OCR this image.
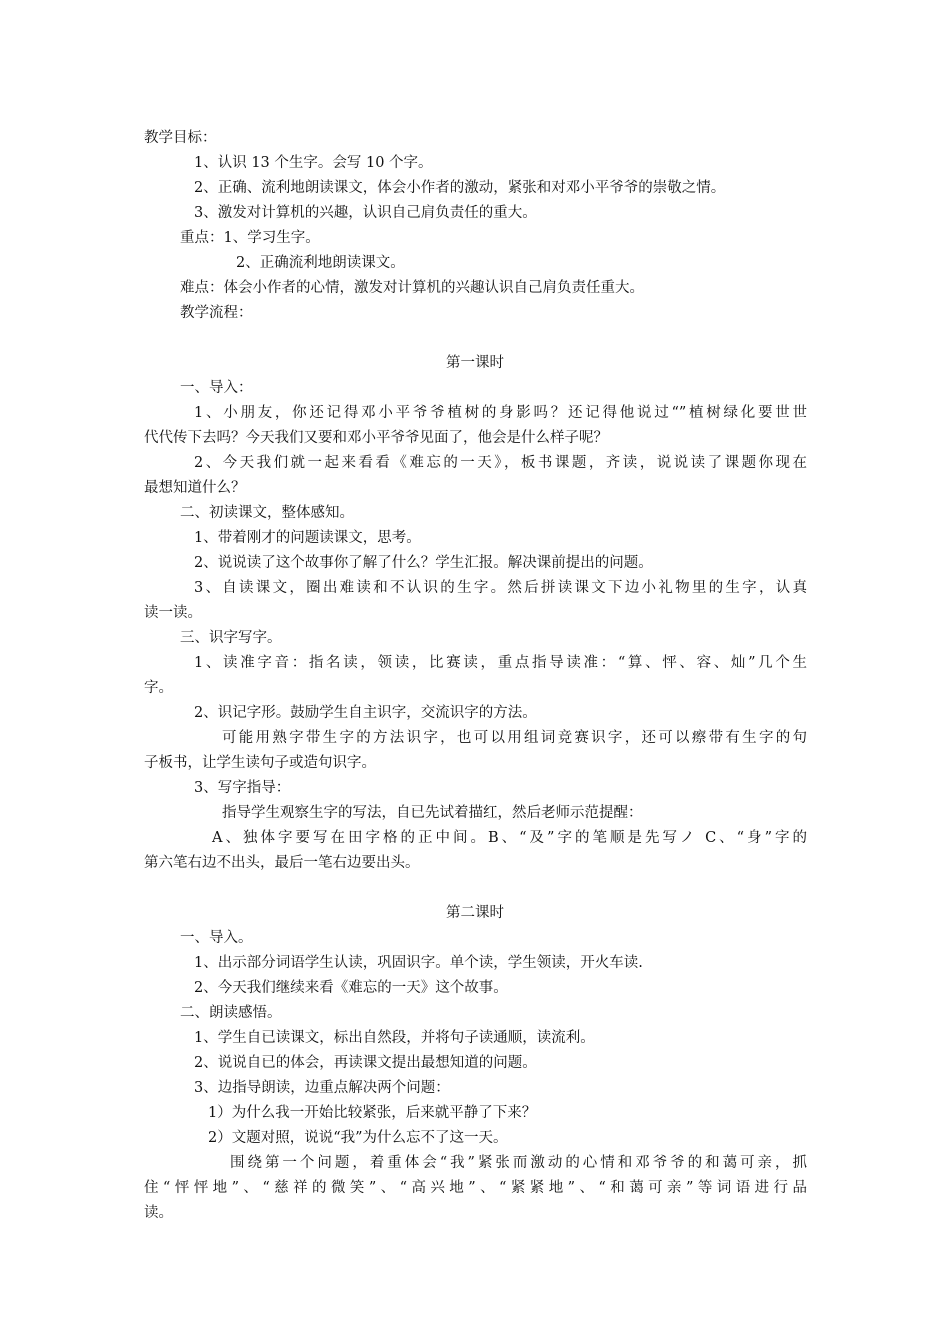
教学目标：
1、认识 13 个生字。会写 10 个字。
2、正确、流利地朗读课文，体会小作者的激动，紧张和对邓小平爷爷的崇敬之情。
3、激发对计算机的兴趣，认识自己肩负责任的重大。
重点：1、学习生字。
2、正确流利地朗读课文。
难点：体会小作者的心情，激发对计算机的兴趣认识自己肩负责任重大。
教学流程：
第一课时
一、导入：
1、小朋友，你还记得邓小平爷爷植树的身影吗？还记得他说过“”植树绿化要世世
代代传下去吗？今天我们又要和邓小平爷爷见面了，他会是什么样子呢？
2、今天我们就一起来看看《难忘的一天》，板书课题，齐读，说说读了课题你现在
最想知道什么？
二、初读课文，整体感知。
1、带着刚才的问题读课文，思考。
2、说说读了这个故事你了解了什么？学生汇报。解决课前提出的问题。
3、自读课文，圈出难读和不认识的生字。然后拼读课文下边小礼物里的生字，认真
读一读。
三、识字写字。
1、读准字音：指名读，领读，比赛读，重点指导读准：“算、怦、容、灿”几个生
字。
2、识记字形。鼓励学生自主识字，交流识字的方法。
可能用熟字带生字的方法识字，也可以用组词竞赛识字，还可以瘵带有生字的句
子板书，让学生读句子或造句识字。
3、写字指导：
指导学生观察生字的写法，自已先试着描红，然后老师示范提醒：
A、独体字要写在田字格的正中间。B、“及”字的笔顺是先写ノ C、“身”字的
第六笔右边不出头，最后一笔右边要出头。
第二课时
一、导入。
1、出示部分词语学生认读，巩固识字。单个读，学生领读，开火车读.
2、今天我们继续来看《难忘的一天》这个故事。
二、朗读感悟。
1、学生自已读课文，标出自然段，并将句子读通顺，读流利。
2、说说自已的体会，再读课文提出最想知道的问题。
3、边指导朗读，边重点解决两个问题：
1）为什么我一开始比较紧张，后来就平静了下来？
2）文题对照，说说“我”为什么忘不了这一天。
围绕第一个问题，着重体会“我”紧张而激动的心情和邓爷爷的和蔼可亲，抓
住“怦怦地”、“慈祥的微笑”、“高兴地”、“紧紧地”、“和蔼可亲”等词语进行品
读。
